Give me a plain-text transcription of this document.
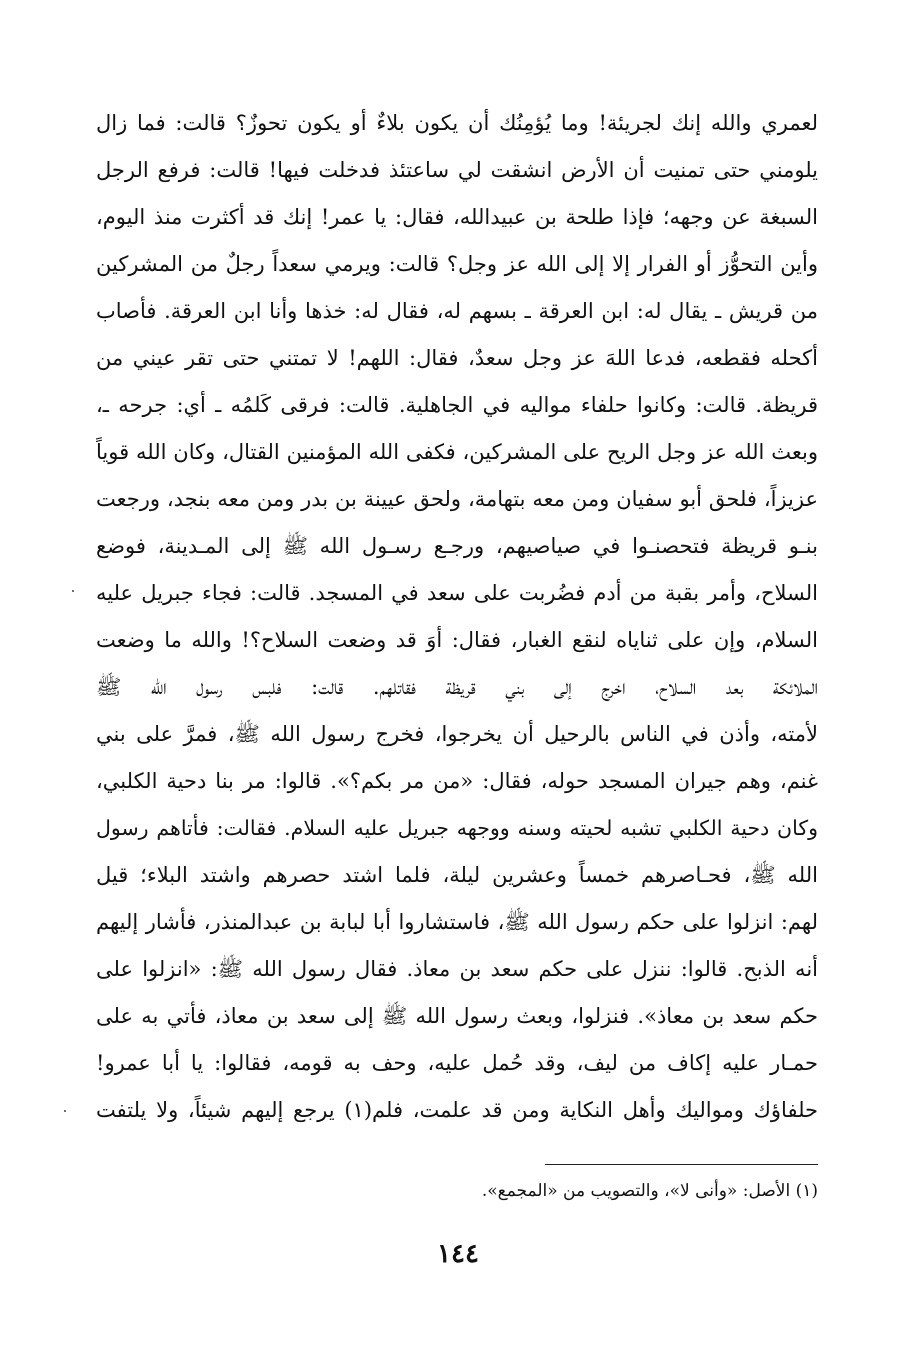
لعمري والله إنك لجريئة! وما يُؤمِنُك أن يكون بلاءٌ أو يكون تحوزٌ؟ قالت: فما زال
يلومني حتى تمنيت أن الأرض انشقت لي ساعتئذ فدخلت فيها! قالت: فرفع الرجل
السبغة عن وجهه؛ فإذا طلحة بن عبيدالله، فقال: يا عمر! إنك قد أكثرت منذ اليوم،
وأين التحوُّز أو الفرار إلا إلى الله عز وجل؟ قالت: ويرمي سعداً رجلٌ من المشركين
من قريش ـ يقال له: ابن العرقة ـ بسهم له، فقال له: خذها وأنا ابن العرقة. فأصاب
أكحله فقطعه، فدعا اللهَ عز وجل سعدٌ، فقال: اللهم! لا تمتني حتى تقر عيني من
قريظة. قالت: وكانوا حلفاء مواليه في الجاهلية. قالت: فرقى كَلمُه ـ أي: جرحه ـ،
وبعث الله عز وجل الريح على المشركين، فكفى الله المؤمنين القتال، وكان الله قوياً
عزيزاً، فلحق أبو سفيان ومن معه بتهامة، ولحق عيينة بن بدر ومن معه بنجد، ورجعت
بنـو قريظة فتحصنـوا في صياصيهم، ورجـع رسـول الله ﷺ إلى المـدينة، فوضع
السلاح، وأمر بقبة من أدم فضُربت على سعد في المسجد. قالت: فجاء جبريل عليه
السلام، وإن على ثناياه لنقع الغبار، فقال: أوَ قد وضعت السلاح؟! والله ما وضعت
الملائكة بعد السلاح، اخرج إلى بني قريظة فقاتلهم. قالت: فلبس رسول الله ﷺ
لأمته، وأذن في الناس بالرحيل أن يخرجوا، فخرج رسول الله ﷺ، فمرَّ على بني
غنم، وهم جيران المسجد حوله، فقال: «من مر بكم؟». قالوا: مر بنا دحية الكلبي،
وكان دحية الكلبي تشبه لحيته وسنه ووجهه جبريل عليه السلام. فقالت: فأتاهم رسول
الله ﷺ، فحـاصرهم خمساً وعشرين ليلة، فلما اشتد حصرهم واشتد البلاء؛ قيل
لهم: انزلوا على حكم رسول الله ﷺ، فاستشاروا أبا لبابة بن عبدالمنذر، فأشار إليهم
أنه الذبح. قالوا: ننزل على حكم سعد بن معاذ. فقال رسول الله ﷺ: «انزلوا على
حكم سعد بن معاذ». فنزلوا، وبعث رسول الله ﷺ إلى سعد بن معاذ، فأتي به على
حمـار عليه إكاف من ليف، وقد حُمل عليه، وحف به قومه، فقالوا: يا أبا عمرو!
حلفاؤك ومواليك وأهل النكاية ومن قد علمت، فلم(١) يرجع إليهم شيئاً، ولا يلتفت
(١) الأصل: «وأنى لا»، والتصويب من «المجمع».
١٤٤
